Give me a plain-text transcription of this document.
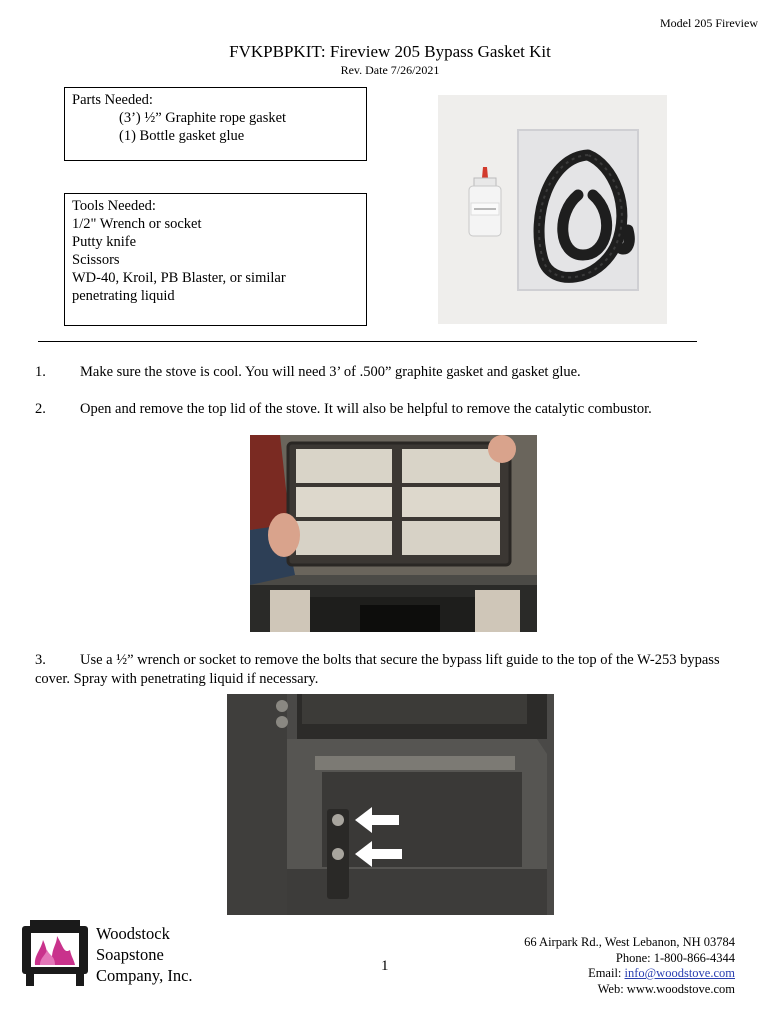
Model 205 Fireview
FVKPBPKIT: Fireview 205 Bypass Gasket Kit
Rev. Date 7/26/2021
Parts Needed:
(3’) ½” Graphite rope gasket
(1) Bottle gasket glue
Tools Needed:
1/2" Wrench or socket
Putty knife
Scissors
WD-40, Kroil, PB Blaster, or similar
penetrating liquid
1. Make sure the stove is cool. You will need 3’ of .500” graphite gasket and gasket glue.
2. Open and remove the top lid of the stove. It will also be helpful to remove the catalytic combustor.
3. Use a ½” wrench or socket to remove the bolts that secure the bypass lift guide to the top of the W-253 bypass cover. Spray with penetrating liquid if necessary.
Woodstock
Soapstone
Company, Inc.	1
66 Airpark Rd., West Lebanon, NH 03784
Phone: 1-800-866-4344
Email: info@woodstove.com
Web: www.woodstove.com
